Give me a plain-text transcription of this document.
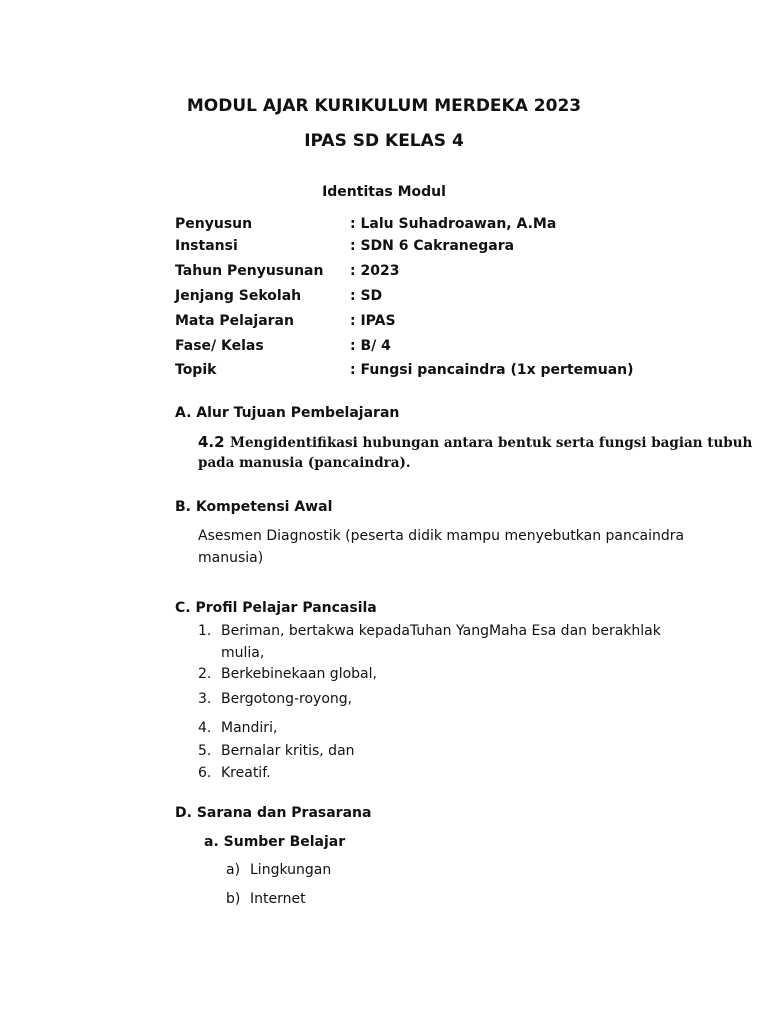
MODUL AJAR KURIKULUM MERDEKA 2023
IPAS SD KELAS 4
Identitas Modul
Penyusun	: Lalu Suhadroawan, A.Ma
Instansi	: SDN 6 Cakranegara
Tahun Penyusunan : 2023
Jenjang Sekolah	: SD
Mata Pelajaran	: IPAS
Fase/ Kelas	: B/ 4
Topik	: Fungsi pancaindra (1x pertemuan)
A. Alur Tujuan Pembelajaran
4.2 Mengidentifikasi hubungan antara bentuk serta fungsi bagian tubuh
pada manusia (pancaindra).
B. Kompetensi Awal
Asesmen Diagnostik (peserta didik mampu menyebutkan pancaindra
manusia)
C. Profil Pelajar Pancasila
1. Beriman, bertakwa kepadaTuhan YangMaha Esa dan berakhlak
mulia,
2. Berkebinekaan global,
3. Bergotong-royong,
4. Mandiri,
5. Bernalar kritis, dan
6. Kreatif.
D. Sarana dan Prasarana
a. Sumber Belajar
a) Lingkungan
b) Internet
